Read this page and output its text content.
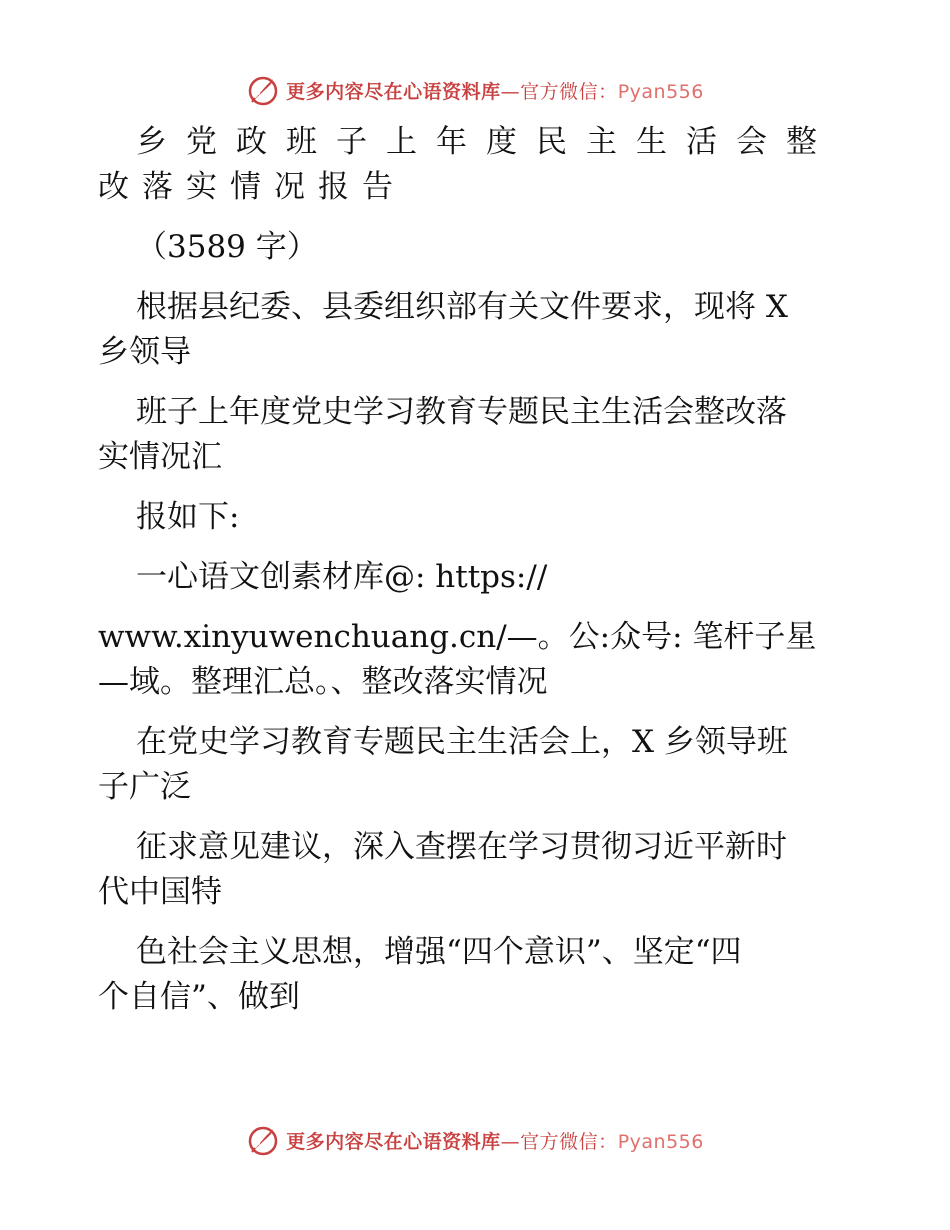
更多内容尽在心语资料库—官方微信：Pyan556

乡党政班子上年度民主生活会整

改落实情况报告

（3589 字）

根据县纪委、县委组织部有关文件要求，现将 X

乡领导

班子上年度党史学习教育专题民主生活会整改落

实情况汇

报如下:

一心语文创素材库@: https://

www.xinyuwenchuang.cn/—。公:众号: 笔杆子星

—域。整理汇总。、整改落实情况

在党史学习教育专题民主生活会上，X 乡领导班

子广泛

征求意见建议，深入查摆在学习贯彻习近平新时

代中国特

色社会主义思想，增强“四个意识”、坚定“四

个自信”、做到

更多内容尽在心语资料库—官方微信：Pyan556
